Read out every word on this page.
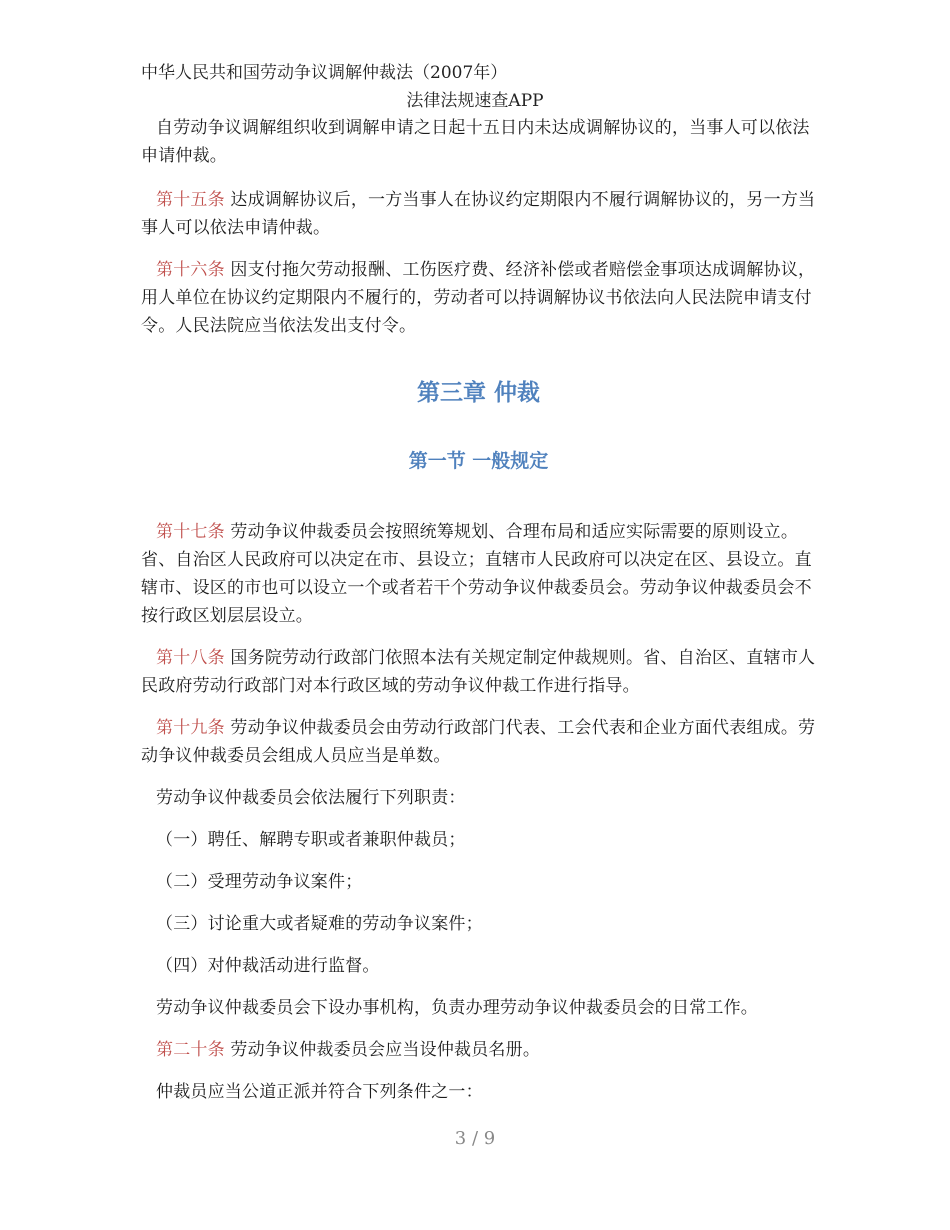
中华人民共和国劳动争议调解仲裁法（2007年）
法律法规速查APP

自劳动争议调解组织收到调解申请之日起十五日内未达成调解协议的，当事人可以依法申请仲裁。

第十五条 达成调解协议后，一方当事人在协议约定期限内不履行调解协议的，另一方当事人可以依法申请仲裁。

第十六条 因支付拖欠劳动报酬、工伤医疗费、经济补偿或者赔偿金事项达成调解协议，用人单位在协议约定期限内不履行的，劳动者可以持调解协议书依法向人民法院申请支付令。人民法院应当依法发出支付令。

第三章 仲裁
第一节 一般规定

第十七条 劳动争议仲裁委员会按照统筹规划、合理布局和适应实际需要的原则设立。省、自治区人民政府可以决定在市、县设立；直辖市人民政府可以决定在区、县设立。直辖市、设区的市也可以设立一个或者若干个劳动争议仲裁委员会。劳动争议仲裁委员会不按行政区划层层设立。

第十八条 国务院劳动行政部门依照本法有关规定制定仲裁规则。省、自治区、直辖市人民政府劳动行政部门对本行政区域的劳动争议仲裁工作进行指导。

第十九条 劳动争议仲裁委员会由劳动行政部门代表、工会代表和企业方面代表组成。劳动争议仲裁委员会组成人员应当是单数。

劳动争议仲裁委员会依法履行下列职责：

（一）聘任、解聘专职或者兼职仲裁员；

（二）受理劳动争议案件；

（三）讨论重大或者疑难的劳动争议案件；

（四）对仲裁活动进行监督。

劳动争议仲裁委员会下设办事机构，负责办理劳动争议仲裁委员会的日常工作。

第二十条 劳动争议仲裁委员会应当设仲裁员名册。

仲裁员应当公道正派并符合下列条件之一：

3 / 9
